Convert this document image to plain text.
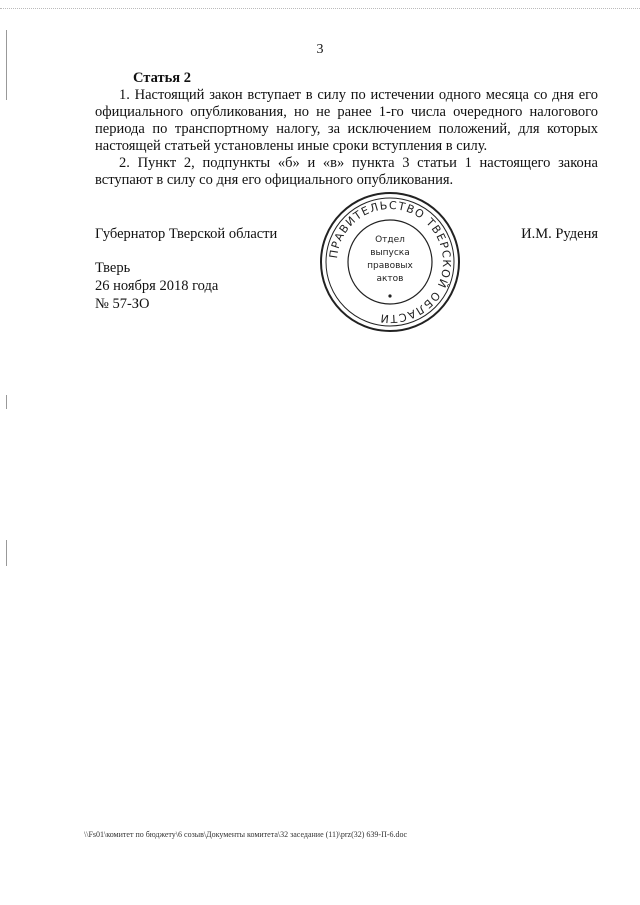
3

Статья 2

1. Настоящий закон вступает в силу по истечении одного месяца со дня его официального опубликования, но не ранее 1-го числа очередного налогового периода по транспортному налогу, за исключением положений, для которых настоящей статьей установлены иные сроки вступления в силу.

2. Пункт 2, подпункты «б» и «в» пункта 3 статьи 1 настоящего закона вступают в силу со дня его официального опубликования.

Губернатор Тверской области	И.М. Руденя
Тверь
26 ноября 2018 года
№ 57-ЗО
ПРАВИТЕЛЬСТВО ТВЕРСКОЙ ОБЛАСТИ
Отдел
выпуска
правовых
актов
\\Fs01\комитет по бюджету\6 созыв\Документы комитета\32 заседание (11)\prz(32) 639-П-6.doc
